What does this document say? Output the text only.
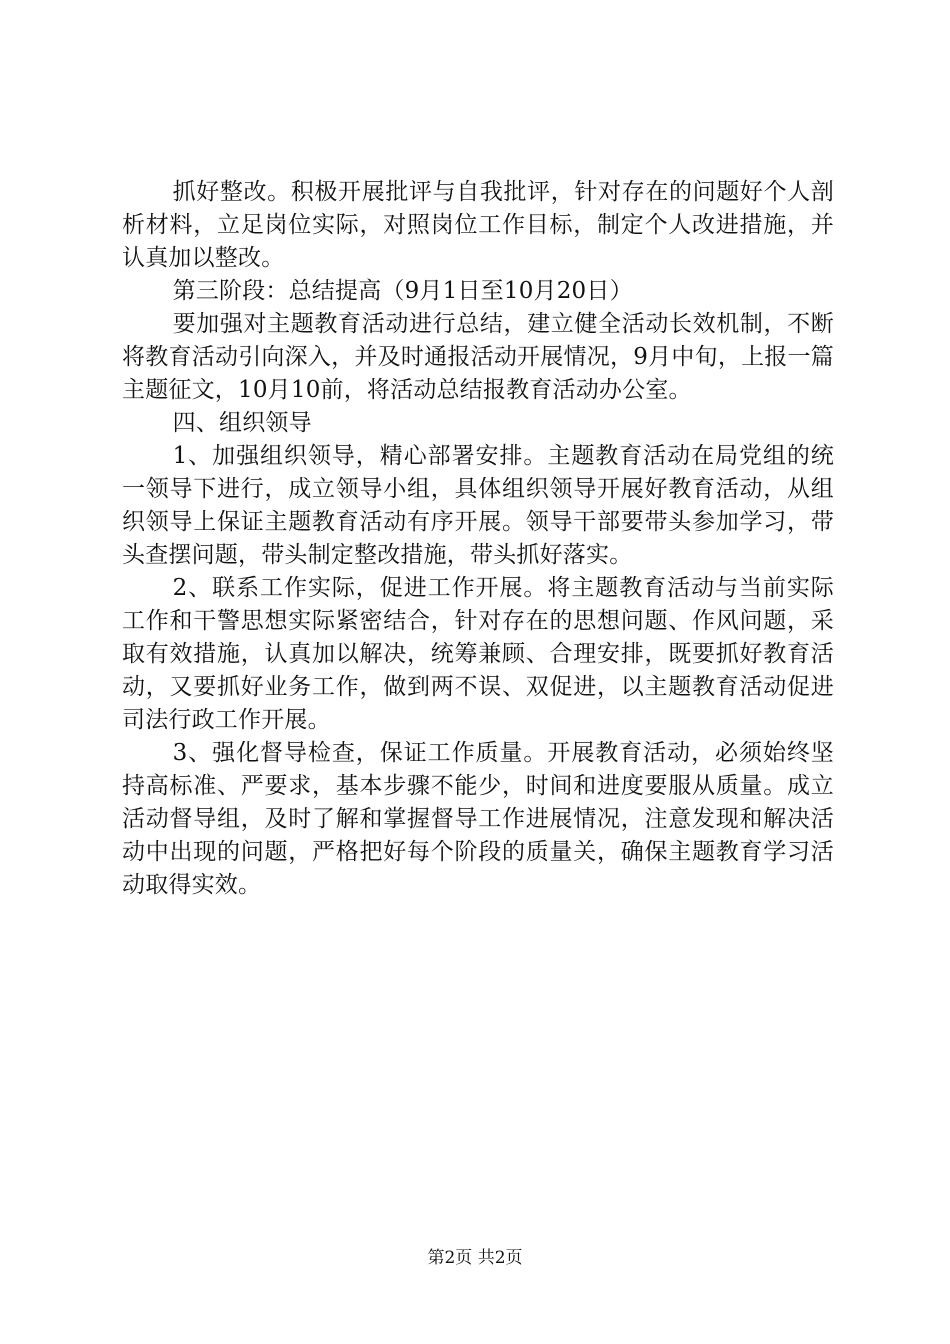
抓好整改。积极开展批评与自我批评，针对存在的问题好个人剖析材料，立足岗位实际，对照岗位工作目标，制定个人改进措施，并认真加以整改。

第三阶段：总结提高（9月1日至10月20日）

要加强对主题教育活动进行总结，建立健全活动长效机制，不断将教育活动引向深入，并及时通报活动开展情况，9月中旬，上报一篇主题征文，10月10前，将活动总结报教育活动办公室。

四、组织领导

1、加强组织领导，精心部署安排。主题教育活动在局党组的统一领导下进行，成立领导小组，具体组织领导开展好教育活动，从组织领导上保证主题教育活动有序开展。领导干部要带头参加学习，带头查摆问题，带头制定整改措施，带头抓好落实。

2、联系工作实际，促进工作开展。将主题教育活动与当前实际工作和干警思想实际紧密结合，针对存在的思想问题、作风问题，采取有效措施，认真加以解决，统筹兼顾、合理安排，既要抓好教育活动，又要抓好业务工作，做到两不误、双促进，以主题教育活动促进司法行政工作开展。

3、强化督导检查，保证工作质量。开展教育活动，必须始终坚持高标准、严要求，基本步骤不能少，时间和进度要服从质量。成立活动督导组，及时了解和掌握督导工作进展情况，注意发现和解决活动中出现的问题，严格把好每个阶段的质量关，确保主题教育学习活动取得实效。

第2页 共2页
